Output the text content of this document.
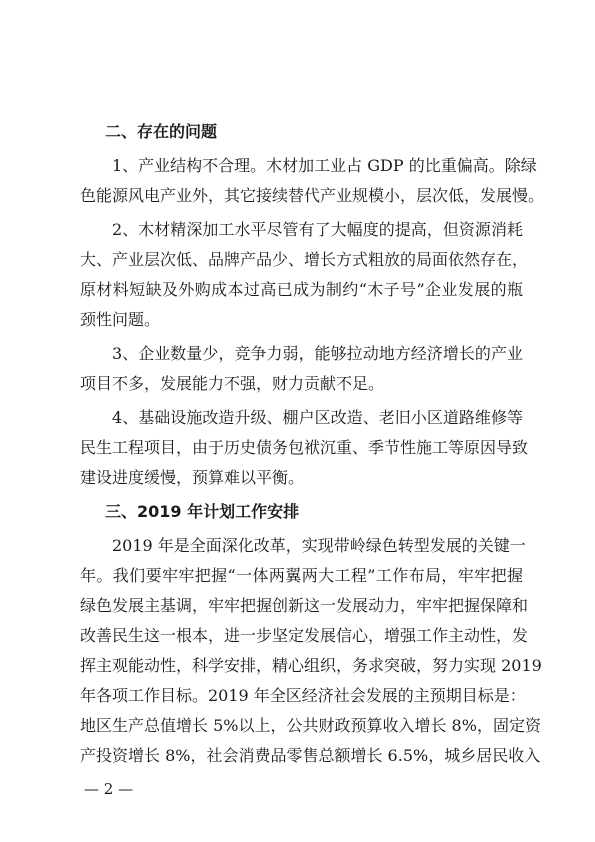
二、存在的问题
1、产业结构不合理。木材加工业占 GDP 的比重偏高。除绿
色能源风电产业外，其它接续替代产业规模小，层次低，发展慢。
2、木材精深加工水平尽管有了大幅度的提高，但资源消耗
大、产业层次低、品牌产品少、增长方式粗放的局面依然存在，
原材料短缺及外购成本过高已成为制约“木子号”企业发展的瓶
颈性问题。
3、企业数量少，竞争力弱，能够拉动地方经济增长的产业
项目不多，发展能力不强，财力贡献不足。
4、基础设施改造升级、棚户区改造、老旧小区道路维修等
民生工程项目，由于历史债务包袱沉重、季节性施工等原因导致
建设进度缓慢，预算难以平衡。
三、2019 年计划工作安排
2019 年是全面深化改革，实现带岭绿色转型发展的关键一
年。我们要牢牢把握“一体两翼两大工程”工作布局，牢牢把握
绿色发展主基调，牢牢把握创新这一发展动力，牢牢把握保障和
改善民生这一根本，进一步坚定发展信心，增强工作主动性，发
挥主观能动性，科学安排，精心组织，务求突破，努力实现 2019
年各项工作目标。2019 年全区经济社会发展的主预期目标是：
地区生产总值增长 5%以上，公共财政预算收入增长 8%，固定资
产投资增长 8%，社会消费品零售总额增长 6.5%，城乡居民收入
— 2 —
